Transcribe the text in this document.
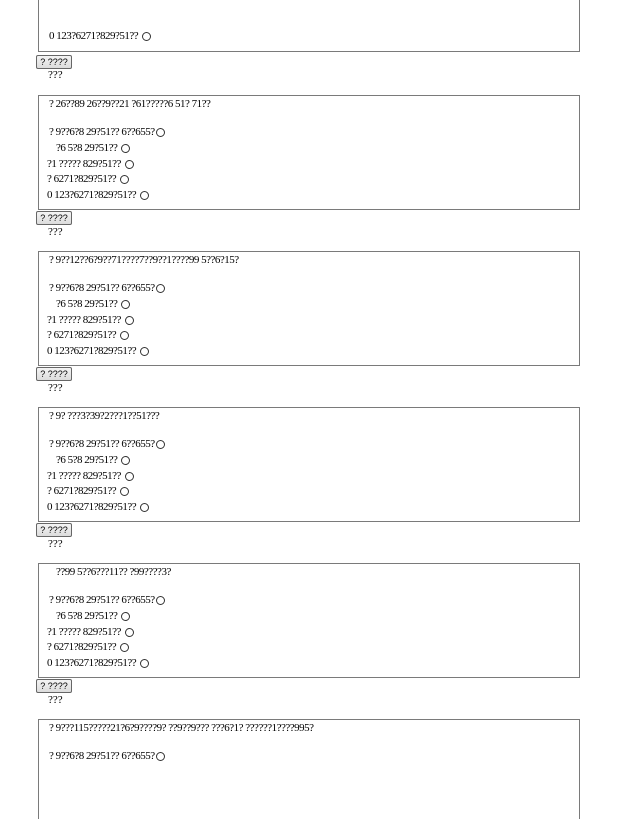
0 123?6271?829?51??
? ????
???
? 26??89 26??9??21 ?61?????6 51? 71??
? 9??6?8 29?51?? 6??655?
?6 5?8 29?51??
?1 ????? 829?51??
? 6271?829?51??
0 123?6271?829?51??
? ????
???
? 9??12??6?9??71????7??9??1????99 5??6?15?
? 9??6?8 29?51?? 6??655?
?6 5?8 29?51??
?1 ????? 829?51??
? 6271?829?51??
0 123?6271?829?51??
? ????
???
? 9? ???3?39?2???1??51???
? 9??6?8 29?51?? 6??655?
?6 5?8 29?51??
?1 ????? 829?51??
? 6271?829?51??
0 123?6271?829?51??
? ????
???
??99 5??6???11?? ?99????3?
? 9??6?8 29?51?? 6??655?
?6 5?8 29?51??
?1 ????? 829?51??
? 6271?829?51??
0 123?6271?829?51??
? ????
???
? 9???115?????21?6?9????9? ??9??9??? ???6?1? ??????1????995?
? 9??6?8 29?51?? 6??655?
